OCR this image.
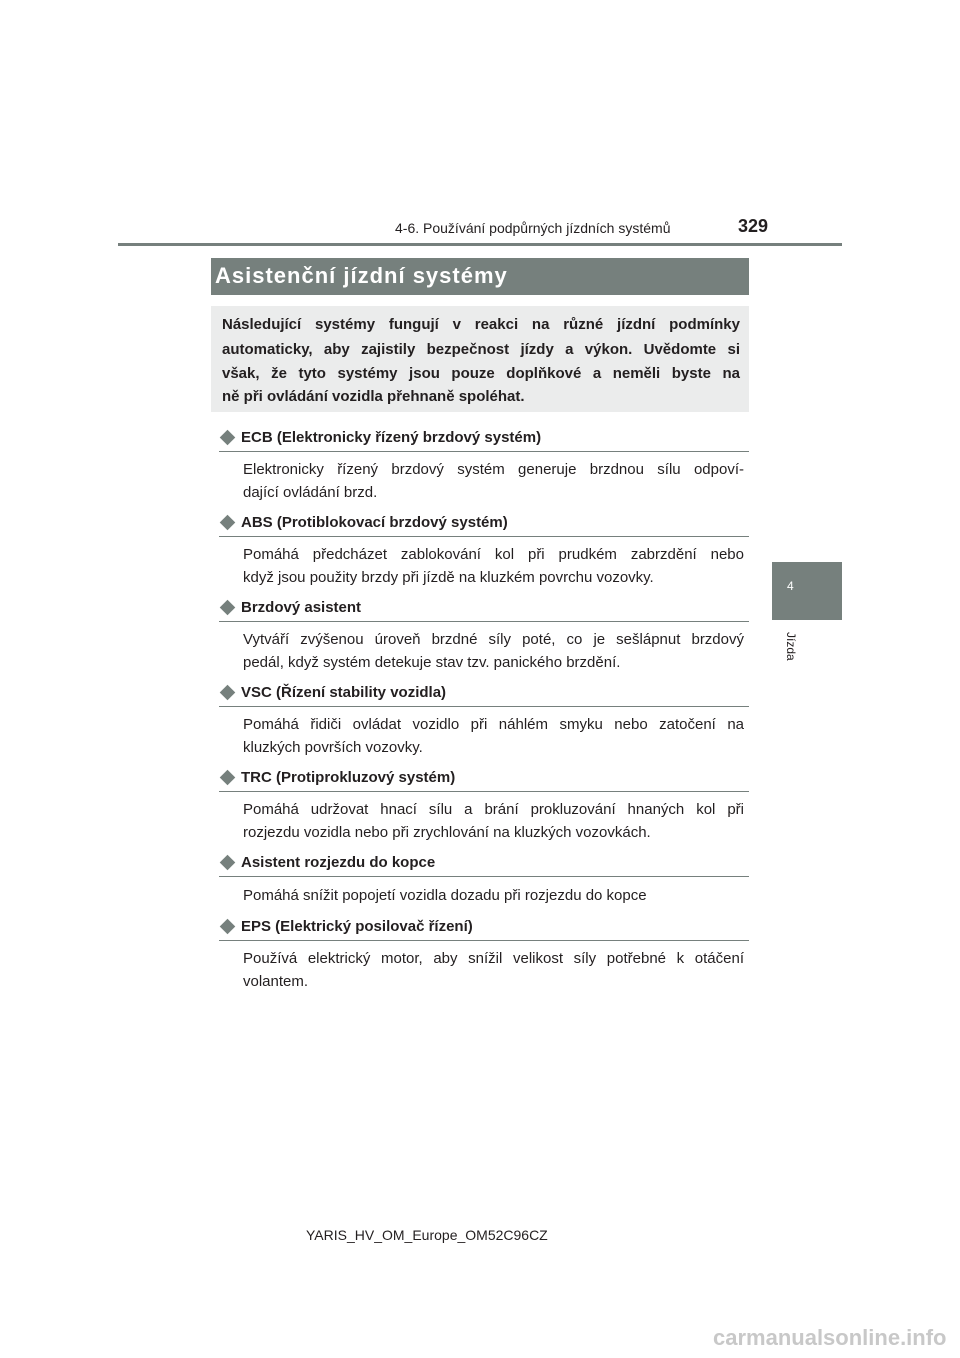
4-6. Používání podpůrných jízdních systémů	329
4
Jízda
Asistenční jízdní systémy
Následující systémy fungují v reakci na různé jízdní podmínky
automaticky, aby zajistily bezpečnost jízdy a výkon. Uvědomte si
však, že tyto systémy jsou pouze doplňkové a neměli byste na
ně při ovládání vozidla přehnaně spoléhat.
ECB (Elektronicky řízený brzdový systém)
Elektronicky řízený brzdový systém generuje brzdnou sílu odpoví-
dající ovládání brzd.
ABS (Protiblokovací brzdový systém)
Pomáhá předcházet zablokování kol při prudkém zabrzdění nebo
když jsou použity brzdy při jízdě na kluzkém povrchu vozovky.
Brzdový asistent
Vytváří zvýšenou úroveň brzdné síly poté, co je sešlápnut brzdový
pedál, když systém detekuje stav tzv. panického brzdění.
VSC (Řízení stability vozidla)
Pomáhá řidiči ovládat vozidlo při náhlém smyku nebo zatočení na
kluzkých površích vozovky.
TRC (Protiprokluzový systém)
Pomáhá udržovat hnací sílu a brání prokluzování hnaných kol při
rozjezdu vozidla nebo při zrychlování na kluzkých vozovkách.
Asistent rozjezdu do kopce
Pomáhá snížit popojetí vozidla dozadu při rozjezdu do kopce
EPS (Elektrický posilovač řízení)
Používá elektrický motor, aby snížil velikost síly potřebné k otáčení
volantem.
YARIS_HV_OM_Europe_OM52C96CZ
carmanualsonline.info
